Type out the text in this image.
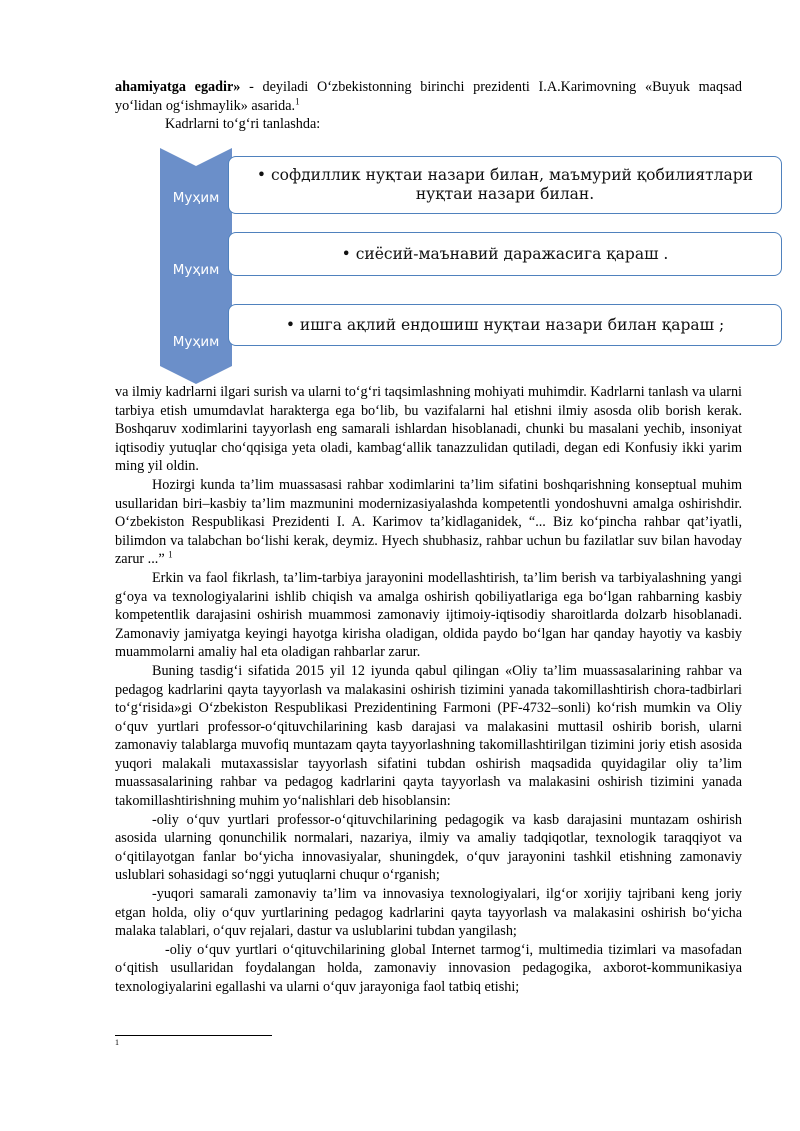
ahamiyatga egadir» - deyiladi O‘zbekistonning birinchi prezidenti I.A.Karimovning «Buyuk maqsad yo‘lidan og‘ishmaylik» asarida.$^1$

Kadrlarni to‘g‘ri tanlashda:

Муҳим
Муҳим
Муҳим
• софдиллик нуқтаи назари билан, маъмурий қобилиятлари нуқтаи назари билан.
• сиёсий-маънавий даражасига қараш .
• ишга ақлий ендошиш нуқтаи назари билан қараш ;

va ilmiy kadrlarni ilgari surish va ularni to‘g‘ri taqsimlashning mohiyati muhimdir. Kadrlarni tanlash va ularni tarbiya etish umumdavlat harakterga ega bo‘lib, bu vazifalarni hal etishni ilmiy asosda olib borish kerak. Boshqaruv xodimlarini tayyorlash eng samarali ishlardan hisoblanadi, chunki bu masalani yechib, insoniyat iqtisodiy yutuqlar cho‘qqisiga yeta oladi, kambag‘allik tanazzulidan qutiladi, degan edi Konfusiy ikki yarim ming yil oldin.

Hozirgi kunda ta’lim muassasasi rahbar xodimlarini ta’lim sifatini boshqarishning konseptual muhim usullaridan biri–kasbiy ta’lim mazmunini modernizasiyalashda kompetentli yondoshuvni amalga oshirishdir. O‘zbekiston Respublikasi Prezidenti I. A. Karimov ta’kidlaganidek, “... Biz ko‘pincha rahbar qat’iyatli, bilimdon va talabchan bo‘lishi kerak, deymiz. Hyech shubhasiz, rahbar uchun bu fazilatlar suv bilan havoday zarur ...” $^1$

Erkin va faol fikrlash, ta’lim-tarbiya jarayonini modellashtirish, ta’lim berish va tarbiyalashning yangi g‘oya va texnologiyalarini ishlib chiqish va amalga oshirish qobiliyatlariga ega bo‘lgan rahbarning kasbiy kompetentlik darajasini oshirish muammosi zamonaviy ijtimoiy-iqtisodiy sharoitlarda dolzarb hisoblanadi. Zamonaviy jamiyatga keyingi hayotga kirisha oladigan, oldida paydo bo‘lgan har qanday hayotiy va kasbiy muammolarni amaliy hal eta oladigan rahbarlar zarur.

Buning tasdig‘i sifatida 2015 yil 12 iyunda qabul qilingan «Oliy ta’lim muassasalarining rahbar va pedagog kadrlarini qayta tayyorlash va malakasini oshirish tizimini yanada takomillashtirish chora-tadbirlari to‘g‘risida»gi O‘zbekiston Respublikasi Prezidentining Farmoni (PF-4732–sonli) ko‘rish mumkin va Oliy o‘quv yurtlari professor-o‘qituvchilarining kasb darajasi va malakasini muttasil oshirib borish, ularni zamonaviy talablarga muvofiq muntazam qayta tayyorlashning takomillashtirilgan tizimini joriy etish asosida yuqori malakali mutaxassislar tayyorlash sifatini tubdan oshirish maqsadida quyidagilar oliy ta’lim muassasalarining rahbar va pedagog kadrlarini qayta tayyorlash va malakasini oshirish tizimini yanada takomillashtirishning muhim yo‘nalishlari deb hisoblansin:

-oliy o‘quv yurtlari professor-o‘qituvchilarining pedagogik va kasb darajasini muntazam oshirish asosida ularning qonunchilik normalari, nazariya, ilmiy va amaliy tadqiqotlar, texnologik taraqqiyot va o‘qitilayotgan fanlar bo‘yicha innovasiyalar, shuningdek, o‘quv jarayonini tashkil etishning zamonaviy uslublari sohasidagi so‘nggi yutuqlarni chuqur o‘rganish;

-yuqori samarali zamonaviy ta’lim va innovasiya texnologiyalari, ilg‘or xorijiy tajribani keng joriy etgan holda, oliy o‘quv yurtlarining pedagog kadrlarini qayta tayyorlash va malakasini oshirish bo‘yicha malaka talablari, o‘quv rejalari, dastur va uslublarini tubdan yangilash;

-oliy o‘quv yurtlari o‘qituvchilarining global Internet tarmog‘i, multimedia tizimlari va masofadan o‘qitish usullaridan foydalangan holda, zamonaviy innovasion pedagogika, axborot-kommunikasiya texnologiyalarini egallashi va ularni o‘quv jarayoniga faol tatbiq etishi;

1
